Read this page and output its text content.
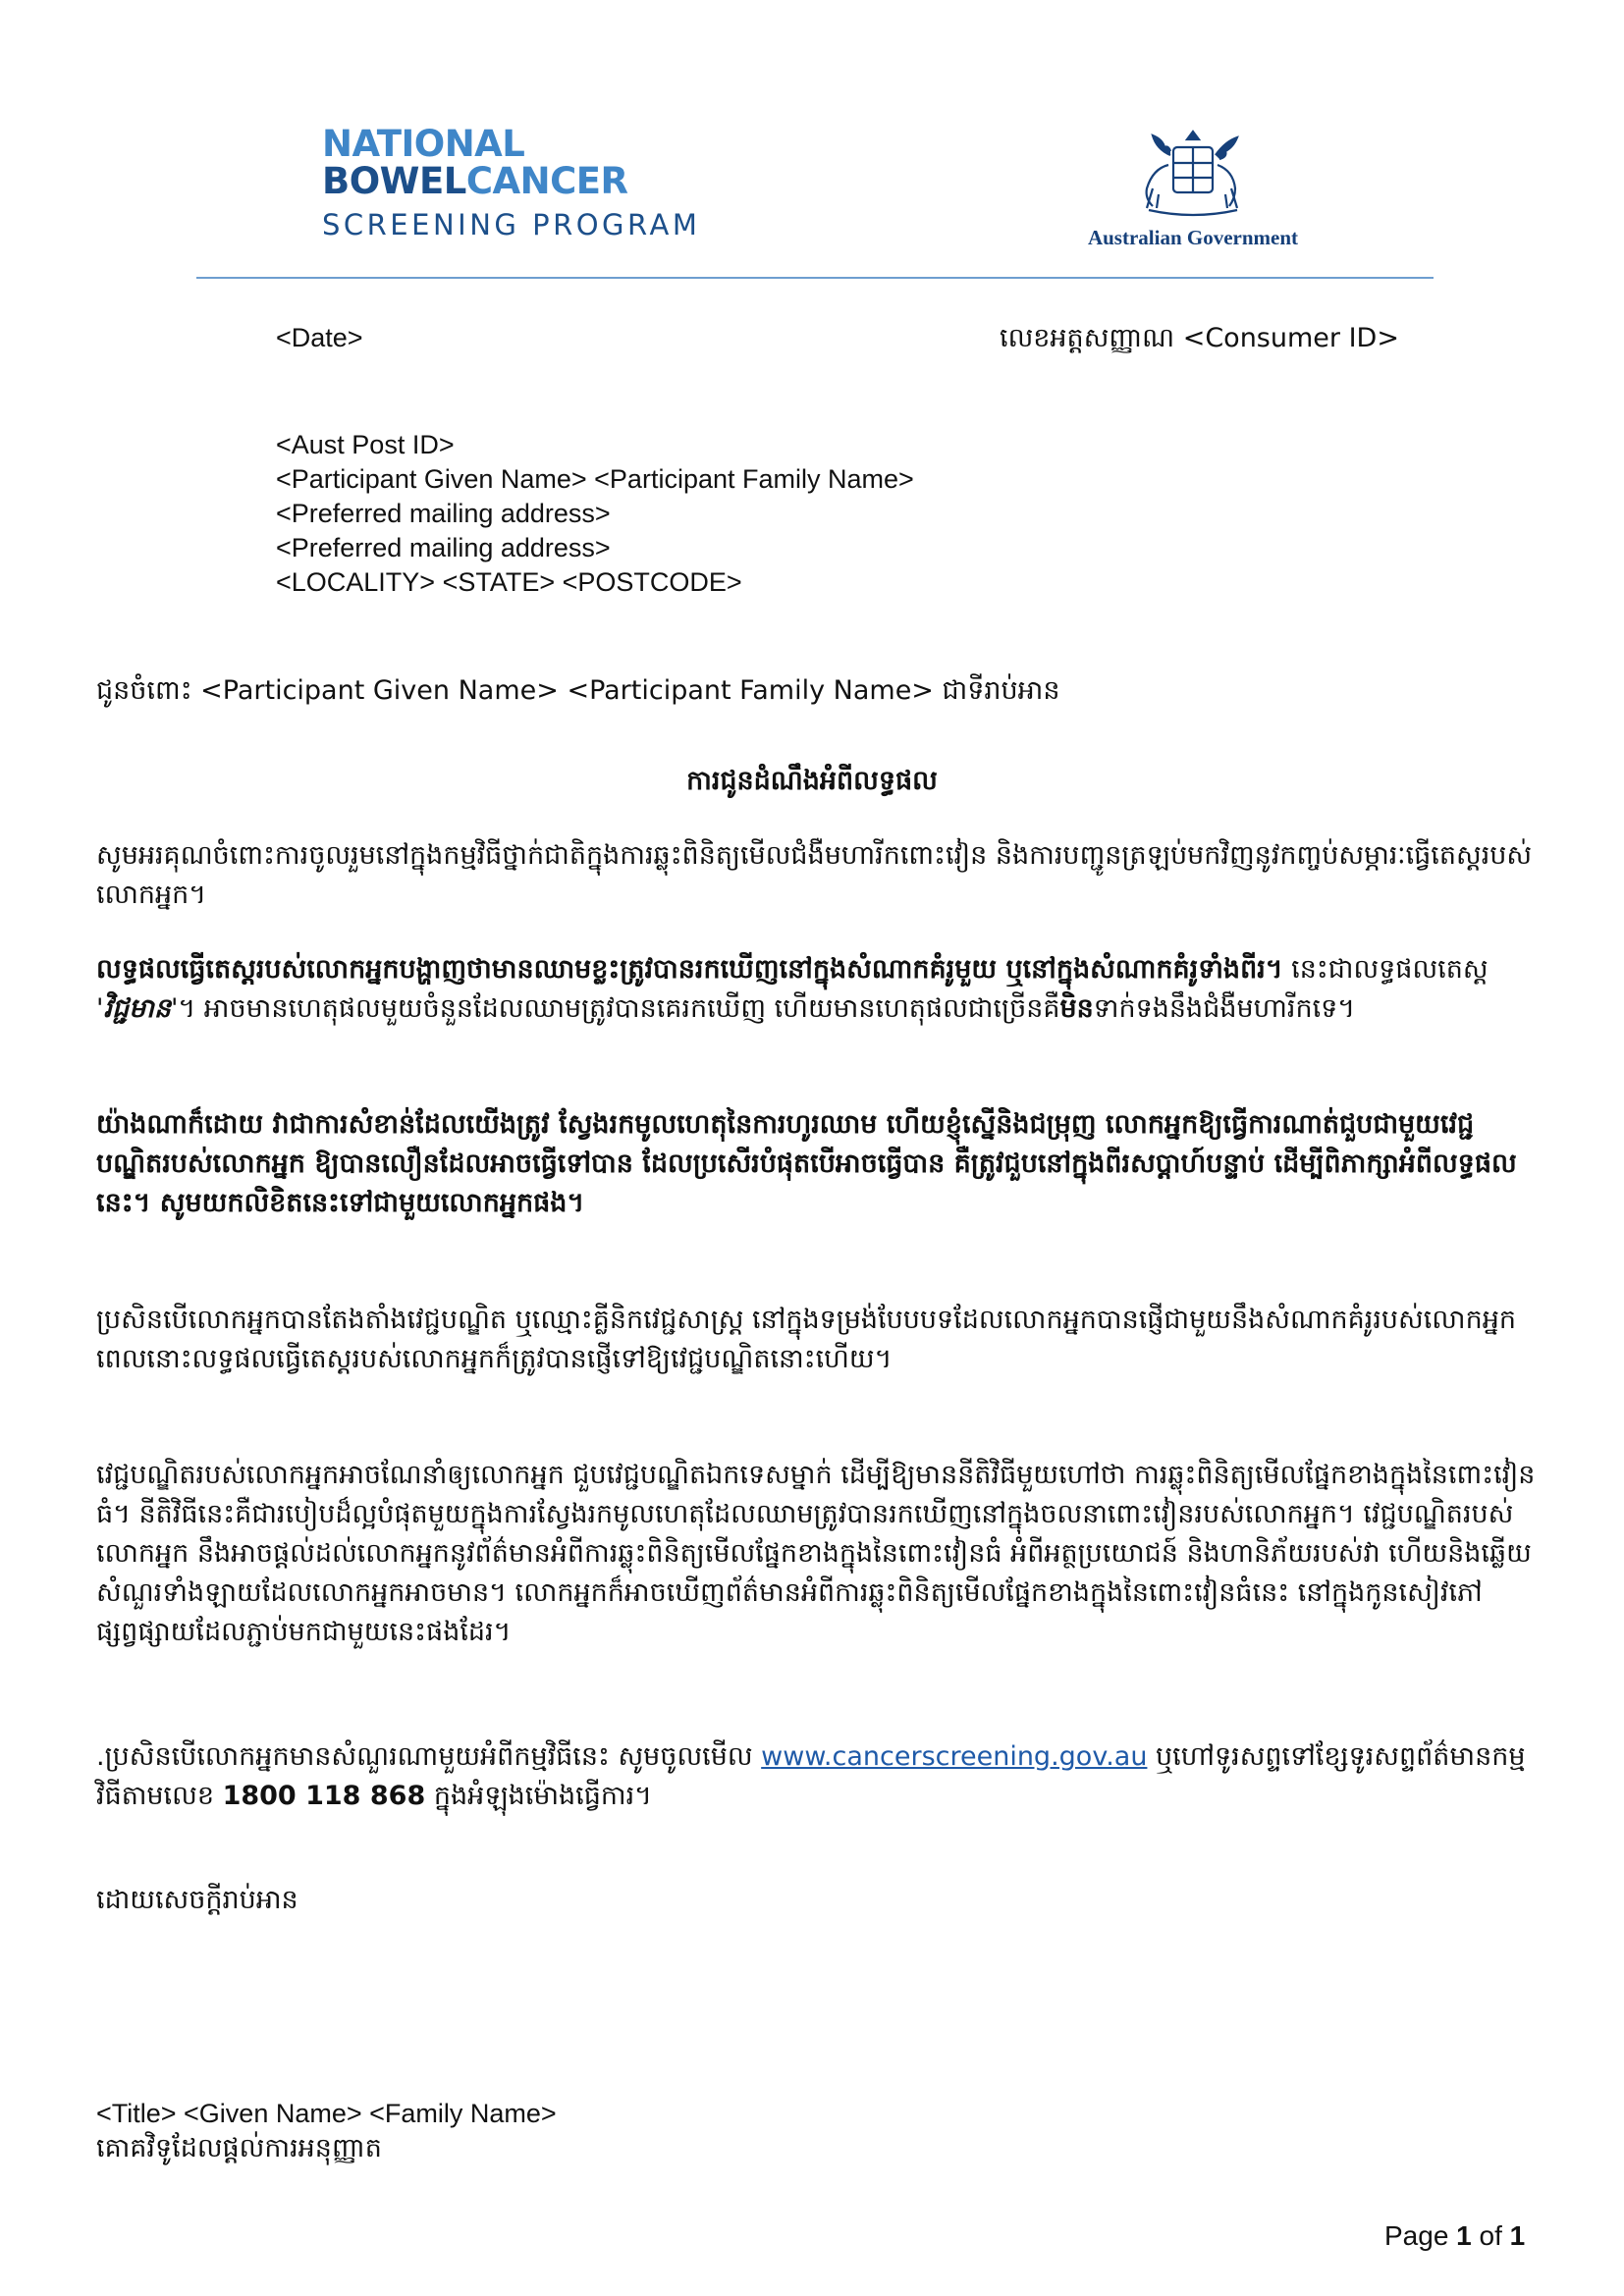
NATIONAL
BOWELCANCER
SCREENING PROGRAM	Australian Government
<Date>	លេខអត្តសញ្ញាណ <Consumer ID>
<Aust Post ID>
<Participant Given Name> <Participant Family Name>
<Preferred mailing address>
<Preferred mailing address>
<LOCALITY> <STATE> <POSTCODE>
ជូនចំពោះ <Participant Given Name> <Participant Family Name> ជាទីរាប់អាន
ការជូនដំណឹងអំពីលទ្ធផល
សូមអរគុណចំពោះការចូលរួមនៅក្នុងកម្មវិធីថ្នាក់ជាតិក្នុងការឆ្លុះពិនិត្យមើលជំងឺមហារីកពោះវៀន និងការបញ្ជូនត្រឡប់មកវិញនូវកញ្ចប់សម្ភារៈធ្វើតេស្តរបស់លោកអ្នក។
លទ្ធផលធ្វើតេស្តរបស់លោកអ្នកបង្ហាញថាមានឈាមខ្លះត្រូវបានរកឃើញនៅក្នុងសំណាកគំរូមួយ ឬនៅក្នុងសំណាកគំរូទាំងពីរ។ នេះជាលទ្ធផលតេស្ត 'វិជ្ជមាន'។ អាចមានហេតុផលមួយចំនួនដែលឈាមត្រូវបានគេរកឃើញ ហើយមានហេតុផលជាច្រើនគឺមិនទាក់ទងនឹងជំងឺមហារីកទេ។
យ៉ាងណាក៏ដោយ វាជាការសំខាន់ដែលយើងត្រូវ ស្វែងរកមូលហេតុនៃការហូរឈាម ហើយខ្ញុំស្នើនិងជម្រុញ លោកអ្នកឱ្យធ្វើការណាត់ជួបជាមួយវេជ្ជបណ្ឌិតរបស់លោកអ្នក ឱ្យបានលឿនដែលអាចធ្វើទៅបាន ដែលប្រសើរបំផុតបើអាចធ្វើបាន គឺត្រូវជួបនៅក្នុងពីរសប្តាហ៍បន្ទាប់ ដើម្បីពិភាក្សាអំពីលទ្ធផលនេះ។ សូមយកលិខិតនេះទៅជាមួយលោកអ្នកផង។
ប្រសិនបើលោកអ្នកបានតែងតាំងវេជ្ជបណ្ឌិត ឬឈ្មោះគ្លីនិកវេជ្ជសាស្ត្រ នៅក្នុងទម្រង់បែបបទដែលលោកអ្នកបានផ្ញើជាមួយនឹងសំណាកគំរូរបស់លោកអ្នក ពេលនោះលទ្ធផលធ្វើតេស្តរបស់លោកអ្នកក៏ត្រូវបានផ្ញើទៅឱ្យវេជ្ជបណ្ឌិតនោះហើយ។
វេជ្ជបណ្ឌិតរបស់លោកអ្នកអាចណែនាំឲ្យលោកអ្នក ជួបវេជ្ជបណ្ឌិតឯកទេសម្នាក់ ដើម្បីឱ្យមាននីតិវិធីមួយហៅថា ការឆ្លុះពិនិត្យមើលផ្នែកខាងក្នុងនៃពោះវៀនធំ។ នីតិវិធីនេះគឺជារបៀបដ៏ល្អបំផុតមួយក្នុងការស្វែងរកមូលហេតុដែលឈាមត្រូវបានរកឃើញនៅក្នុងចលនាពោះវៀនរបស់លោកអ្នក។ វេជ្ជបណ្ឌិតរបស់លោកអ្នក នឹងអាចផ្តល់ដល់លោកអ្នកនូវព័ត៌មានអំពីការឆ្លុះពិនិត្យមើលផ្នែកខាងក្នុងនៃពោះវៀនធំ អំពីអត្ថប្រយោជន៍ និងហានិភ័យរបស់វា ហើយនិងឆ្លើយសំណួរទាំងឡាយដែលលោកអ្នកអាចមាន។ លោកអ្នកក៏អាចឃើញព័ត៌មានអំពីការឆ្លុះពិនិត្យមើលផ្នែកខាងក្នុងនៃពោះវៀនធំនេះ នៅក្នុងកូនសៀវភៅផ្សព្វផ្សាយដែលភ្ជាប់មកជាមួយនេះផងដែរ។
.ប្រសិនបើលោកអ្នកមានសំណួរណាមួយអំពីកម្មវិធីនេះ សូមចូលមើល www.cancerscreening.gov.au ឬហៅទូរសព្ទទៅខ្សែទូរសព្ទព័ត៌មានកម្មវិធីតាមលេខ 1800 118 868 ក្នុងអំឡុងម៉ោងធ្វើការ។
ដោយសេចក្តីរាប់អាន
<Title> <Given Name> <Family Name>
គោគវិទូដែលផ្តល់ការអនុញ្ញាត
Page 1 of 1
